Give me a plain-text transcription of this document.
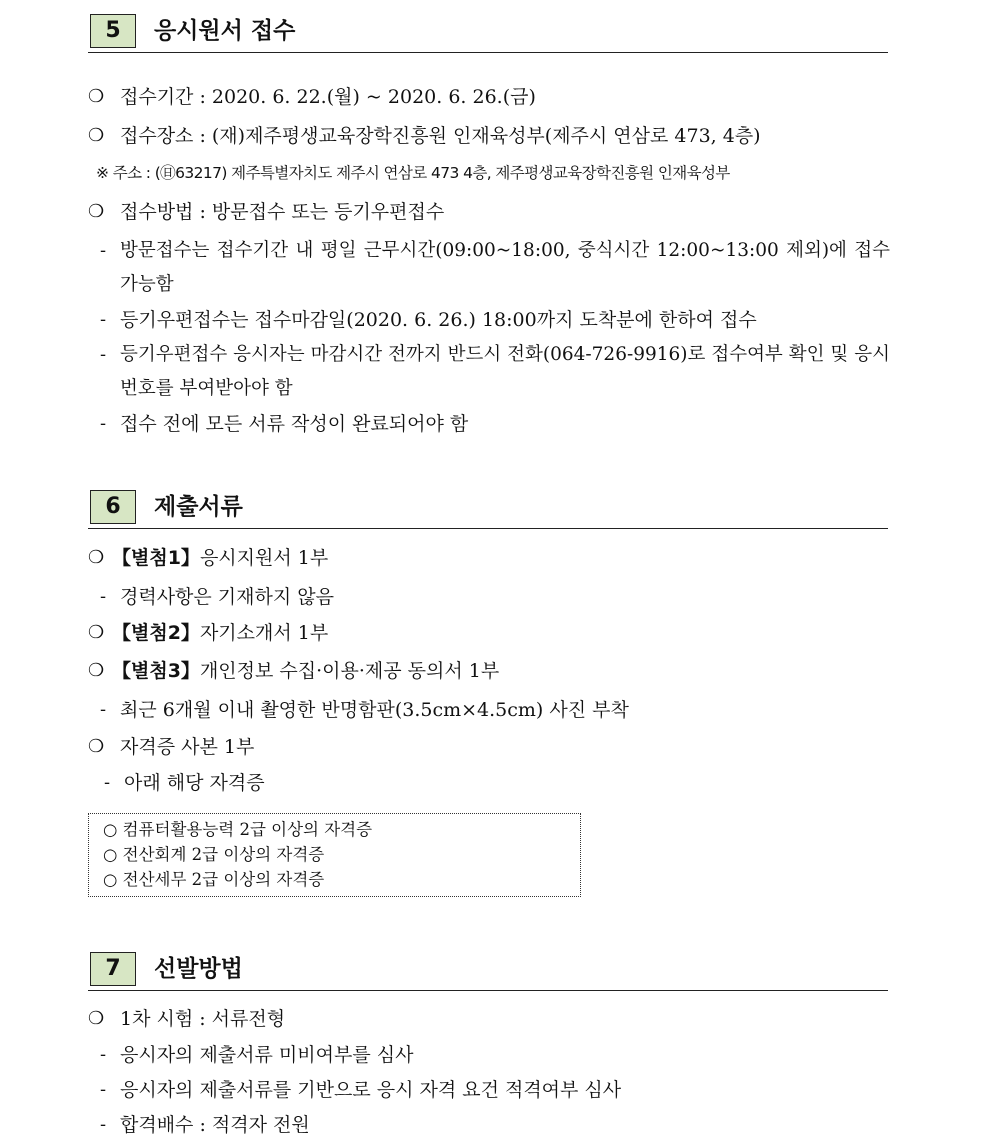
5	응시원서 접수
❍ 접수기간 : 2020. 6. 22.(월) ~ 2020. 6. 26.(금)
❍ 접수장소 : (재)제주평생교육장학진흥원 인재육성부(제주시 연삼로 473, 4층)
※ 주소 : (㊐63217) 제주특별자치도 제주시 연삼로 473 4층, 제주평생교육장학진흥원 인재육성부
❍ 접수방법 : 방문접수 또는 등기우편접수
- 방문접수는 접수기간 내 평일 근무시간(09:00~18:00, 중식시간 12:00~13:00 제외)에 접수 가능함
- 등기우편접수는 접수마감일(2020. 6. 26.) 18:00까지 도착분에 한하여 접수
- 등기우편접수 응시자는 마감시간 전까지 반드시 전화(064-726-9916)로 접수여부 확인 및 응시번호를 부여받아야 함
- 접수 전에 모든 서류 작성이 완료되어야 함
6	제출서류
❍ 【별첨1】응시지원서 1부
- 경력사항은 기재하지 않음
❍ 【별첨2】자기소개서 1부
❍ 【별첨3】개인정보 수집·이용·제공 동의서 1부
- 최근 6개월 이내 촬영한 반명함판(3.5cm×4.5cm) 사진 부착
❍ 자격증 사본 1부
- 아래 해당 자격증
○ 컴퓨터활용능력 2급 이상의 자격증
○ 전산회계 2급 이상의 자격증
○ 전산세무 2급 이상의 자격증
7	선발방법
❍ 1차 시험 : 서류전형
- 응시자의 제출서류 미비여부를 심사
- 응시자의 제출서류를 기반으로 응시 자격 요건 적격여부 심사
- 합격배수 : 적격자 전원
